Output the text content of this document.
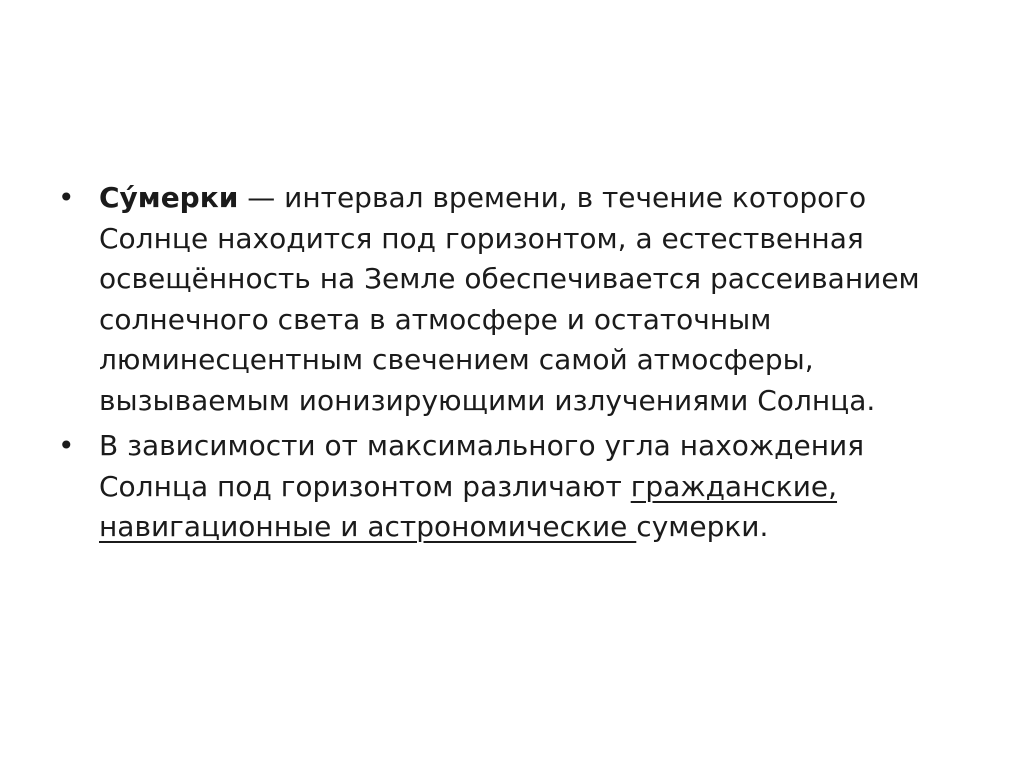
• Су́мерки — интервал времени, в течение которого Солнце находится под горизонтом, а естественная освещённость на Земле обеспечивается рассеиванием солнечного света в атмосфере и остаточным люминесцентным свечением самой атмосферы, вызываемым ионизирующими излучениями Солнца.
• В зависимости от максимального угла нахождения Солнца под горизонтом различают гражданские, навигационные и астрономические сумерки.
